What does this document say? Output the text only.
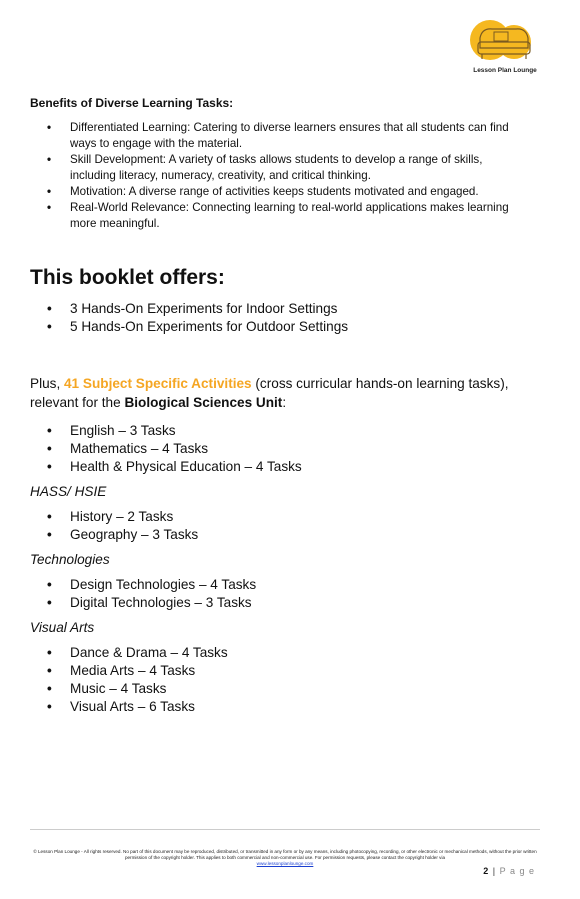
Lesson Plan Lounge
Benefits of Diverse Learning Tasks:
• Differentiated Learning: Catering to diverse learners ensures that all students can find ways to engage with the material.
• Skill Development: A variety of tasks allows students to develop a range of skills, including literacy, numeracy, creativity, and critical thinking.
• Motivation: A diverse range of activities keeps students motivated and engaged.
• Real-World Relevance: Connecting learning to real-world applications makes learning more meaningful.
This booklet offers:
• 3 Hands-On Experiments for Indoor Settings
• 5 Hands-On Experiments for Outdoor Settings
Plus, 41 Subject Specific Activities (cross curricular hands-on learning tasks), relevant for the Biological Sciences Unit:
• English – 3 Tasks
• Mathematics – 4 Tasks
• Health & Physical Education – 4 Tasks
HASS/ HSIE
• History – 2 Tasks
• Geography – 3 Tasks
Technologies
• Design Technologies – 4 Tasks
• Digital Technologies – 3 Tasks
Visual Arts
• Dance & Drama – 4 Tasks
• Media Arts – 4 Tasks
• Music – 4 Tasks
• Visual Arts – 6 Tasks
© Lesson Plan Lounge - All rights reserved. No part of this document may be reproduced, distributed, or transmitted in any form or by any means, including photocopying, recording, or other electronic or mechanical methods, without the prior written permission of the copyright holder. This applies to both commercial and non-commercial use. For permission requests, please contact the copyright holder via
www.lessonplanlounge.com
2 | P a g e
